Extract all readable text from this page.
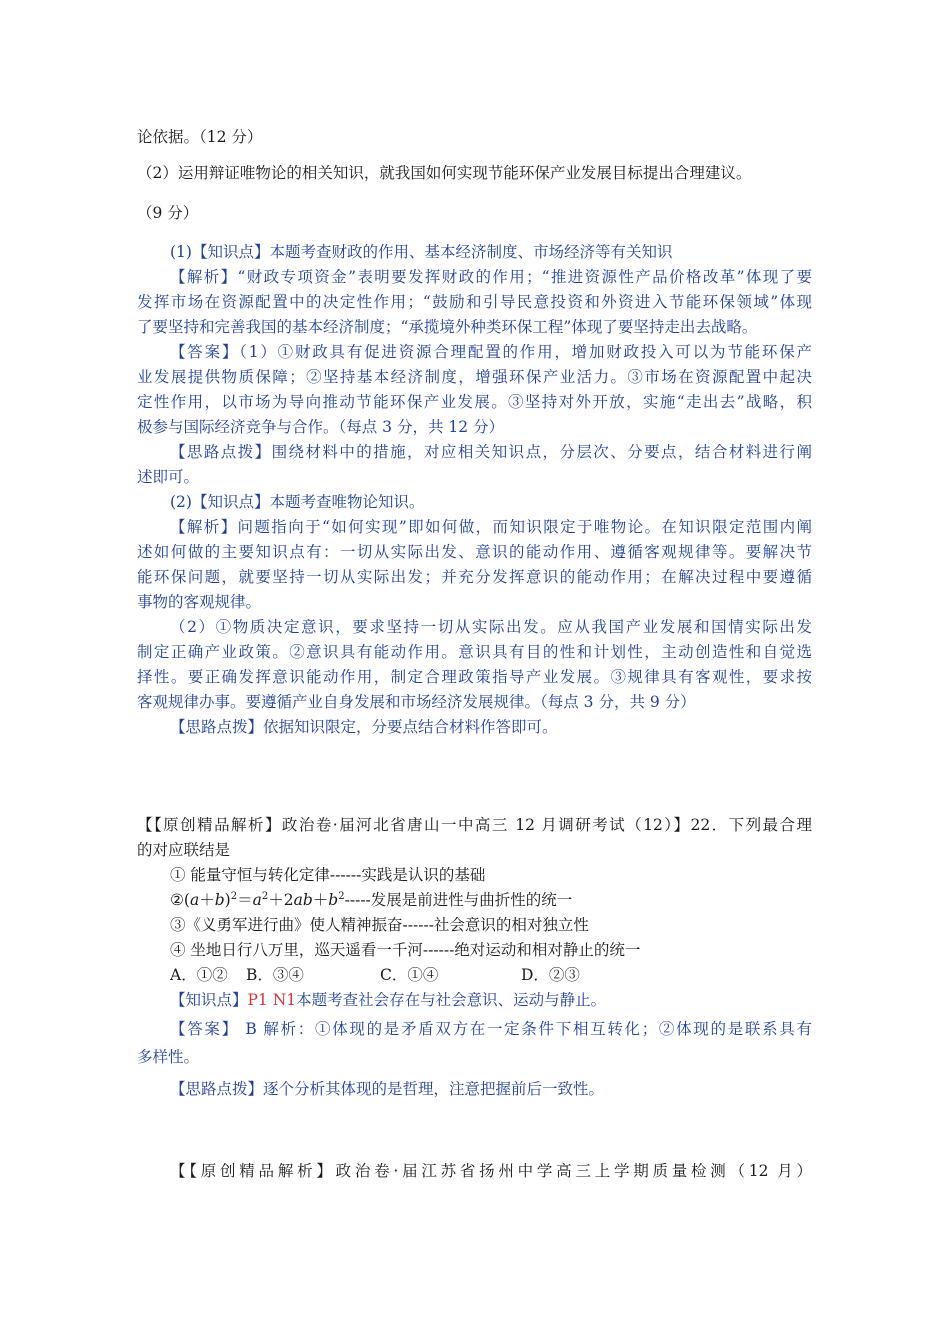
论依据。（12 分）
（2）运用辩证唯物论的相关知识，就我国如何实现节能环保产业发展目标提出合理建议。
（9 分）
(1)【知识点】本题考查财政的作用、基本经济制度、市场经济等有关知识
【解析】“财政专项资金”表明要发挥财政的作用；“推进资源性产品价格改革”体现了要
发挥市场在资源配置中的决定性作用；“鼓励和引导民意投资和外资进入节能环保领域”体现
了要坚持和完善我国的基本经济制度；“承揽境外种类环保工程”体现了要坚持走出去战略。
【答案】（1）①财政具有促进资源合理配置的作用，增加财政投入可以为节能环保产
业发展提供物质保障；②坚持基本经济制度，增强环保产业活力。③市场在资源配置中起决
定性作用，以市场为导向推动节能环保产业发展。③坚持对外开放，实施“走出去”战略，积
极参与国际经济竞争与合作。（每点 3 分，共 12 分）
【思路点拨】围绕材料中的措施，对应相关知识点，分层次、分要点，结合材料进行阐
述即可。
(2)【知识点】本题考查唯物论知识。
【解析】问题指向于“如何实现”即如何做，而知识限定于唯物论。在知识限定范围内阐
述如何做的主要知识点有：一切从实际出发、意识的能动作用、遵循客观规律等。要解决节
能环保问题，就要坚持一切从实际出发；并充分发挥意识的能动作用；在解决过程中要遵循
事物的客观规律。
（2）①物质决定意识，要求坚持一切从实际出发。应从我国产业发展和国情实际出发
制定正确产业政策。②意识具有能动作用。意识具有目的性和计划性，主动创造性和自觉选
择性。要正确发挥意识能动作用，制定合理政策指导产业发展。③规律具有客观性，要求按
客观规律办事。要遵循产业自身发展和市场经济发展规律。（每点 3 分，共 9 分）
【思路点拨】依据知识限定，分要点结合材料作答即可。
【【原创精品解析】政治卷·届河北省唐山一中高三 12 月调研考试（12）】22．下列最合理
的对应联结是
① 能量守恒与转化定律------实践是认识的基础
$②(a+b)^2=a^2+2ab+b^2-----$发展是前进性与曲折性的统一
③《义勇军进行曲》使人精神振奋------社会意识的相对独立性
④ 坐地日行八万里，巡天遥看一千河------绝对运动和相对静止的统一
A．①② B．③④	C．①④	D．②③
【知识点】P1 N1本题考查社会存在与社会意识、运动与静止。
【答案】 B 解析：①体现的是矛盾双方在一定条件下相互转化；②体现的是联系具有
多样性。
【思路点拨】逐个分析其体现的是哲理，注意把握前后一致性。
【【原创精品解析】政治卷·届江苏省扬州中学高三上学期质量检测（12 月）
